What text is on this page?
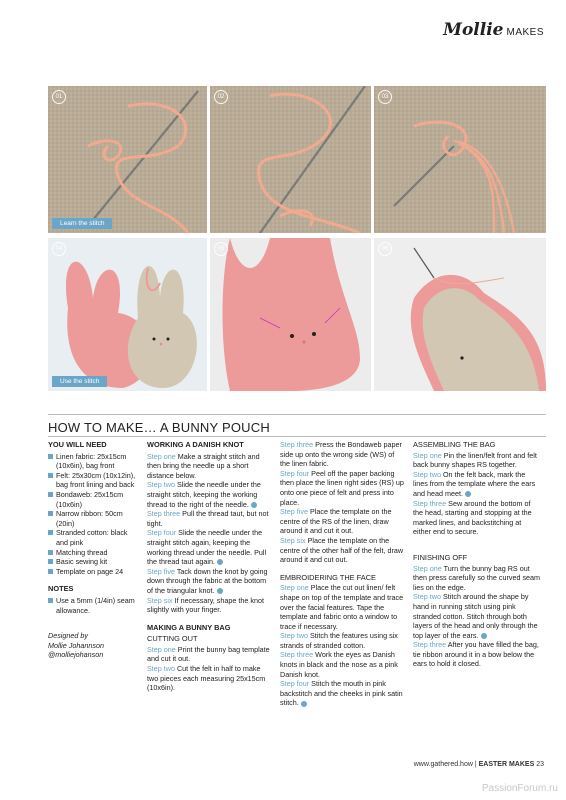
Mollie MAKES
01
Learn the stitch
02	03
04
Use the stitch
05	06
HOW TO MAKE… A BUNNY POUCH
YOU WILL NEED
Linen fabric: 25x15cm (10x6in), bag front
Felt: 25x30cm (10x12in), bag front lining and back
Bondaweb: 25x15cm (10x6in)
Narrow ribbon: 50cm (20in)
Stranded cotton: black and pink
Matching thread
Basic sewing kit
Template on page 24
NOTES
Use a 5mm (1/4in) seam allowance.

Designed by
Mollie Johannson
@molliejohanson

WORKING A DANISH KNOT

Step one Make a straight stitch and then bring the needle up a short distance below.

Step two Slide the needle under the straight stitch, keeping the working thread to the right of the needle.

Step three Pull the thread taut, but not tight.

Step four Slide the needle under the straight stitch again, keeping the working thread under the needle. Pull the thread taut again.

Step five Tack down the knot by going down through the fabric at the bottom of the triangular knot.

Step six If necessary, shape the knot slightly with your finger.

MAKING A BUNNY BAG
CUTTING OUT

Step one Print the bunny bag template and cut it out.

Step two Cut the felt in half to make two pieces each measuring 25x15cm (10x6in).

Step three Press the Bondaweb paper side up onto the wrong side (WS) of the linen fabric.

Step four Peel off the paper backing then place the linen right sides (RS) up onto one piece of felt and press into place.

Step five Place the template on the centre of the RS of the linen, draw around it and cut it out.

Step six Place the template on the centre of the other half of the felt, draw around it and cut out.

EMBROIDERING THE FACE

Step one Place the cut out linen/ felt shape on top of the template and trace over the facial features. Tape the template and fabric onto a window to trace if necessary.

Step two Stitch the features using six strands of stranded cotton.

Step three Work the eyes as Danish knots in black and the nose as a pink Danish knot.

Step four Stitch the mouth in pink backstitch and the cheeks in pink satin stitch.

ASSEMBLING THE BAG

Step one Pin the linen/felt front and felt back bunny shapes RS together.

Step two On the felt back, mark the lines from the template where the ears and head meet.

Step three Sew around the bottom of the head, starting and stopping at the marked lines, and backstitching at either end to secure.

FINISHING OFF

Step one Turn the bunny bag RS out then press carefully so the curved seam lies on the edge.

Step two Stitch around the shape by hand in running stitch using pink stranded cotton. Stitch through both layers of the head and only through the top layer of the ears.

Step three After you have filled the bag, tie ribbon around it in a bow below the ears to hold it closed.

www.gathered.how | EASTER MAKES 23
PassionForum.ru
